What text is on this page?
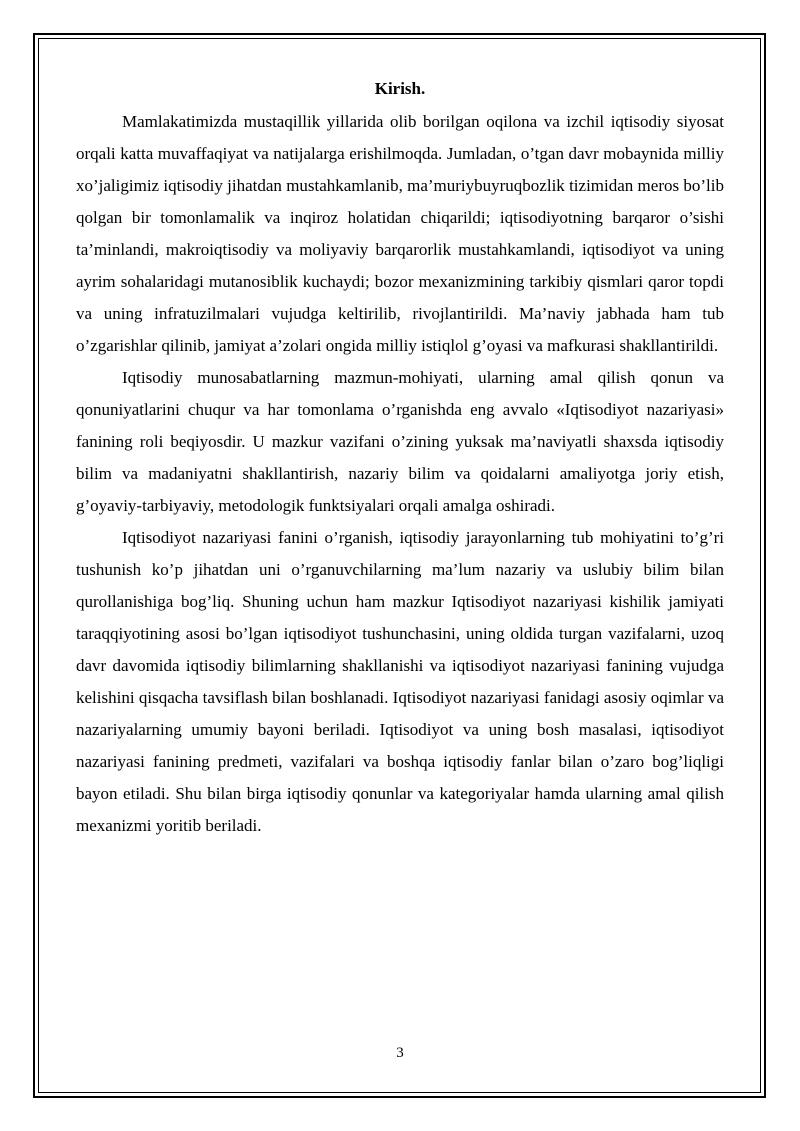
Kirish.

Mamlakatimizda mustaqillik yillarida olib borilgan oqilona va izchil iqtisodiy siyosat orqali katta muvaffaqiyat va natijalarga erishilmoqda. Jumladan, o’tgan davr mobaynida milliy xo’jaligimiz iqtisodiy jihatdan mustahkamlanib, ma’muriybuyruqbozlik tizimidan meros bo’lib qolgan bir tomonlamalik va inqiroz holatidan chiqarildi; iqtisodiyotning barqaror o’sishi ta’minlandi, makroiqtisodiy va moliyaviy barqarorlik mustahkamlandi, iqtisodiyot va uning ayrim sohalaridagi mutanosiblik kuchaydi; bozor mexanizmining tarkibiy qismlari qaror topdi va uning infratuzilmalari vujudga keltirilib, rivojlantirildi. Ma’naviy jabhada ham tub o’zgarishlar qilinib, jamiyat a’zolari ongida milliy istiqlol g’oyasi va mafkurasi shakllantirildi.

Iqtisodiy munosabatlarning mazmun-mohiyati, ularning amal qilish qonun va qonuniyatlarini chuqur va har tomonlama o’rganishda eng avvalo «Iqtisodiyot nazariyasi» fanining roli beqiyosdir. U mazkur vazifani o’zining yuksak ma’naviyatli shaxsda iqtisodiy bilim va madaniyatni shakllantirish, nazariy bilim va qoidalarni amaliyotga joriy etish, g’oyaviy-tarbiyaviy, metodologik funktsiyalari orqali amalga oshiradi.

Iqtisodiyot nazariyasi fanini o’rganish, iqtisodiy jarayonlarning tub mohiyatini to’g’ri tushunish ko’p jihatdan uni o’rganuvchilarning ma’lum nazariy va uslubiy bilim bilan qurollanishiga bog’liq. Shuning uchun ham mazkur Iqtisodiyot nazariyasi kishilik jamiyati taraqqiyotining asosi bo’lgan iqtisodiyot tushunchasini, uning oldida turgan vazifalarni, uzoq davr davomida iqtisodiy bilimlarning shakllanishi va iqtisodiyot nazariyasi fanining vujudga kelishini qisqacha tavsiflash bilan boshlanadi. Iqtisodiyot nazariyasi fanidagi asosiy oqimlar va nazariyalarning umumiy bayoni beriladi. Iqtisodiyot va uning bosh masalasi, iqtisodiyot nazariyasi fanining predmeti, vazifalari va boshqa iqtisodiy fanlar bilan o’zaro bog’liqligi bayon etiladi. Shu bilan birga iqtisodiy qonunlar va kategoriyalar hamda ularning amal qilish mexanizmi yoritib beriladi.

3
